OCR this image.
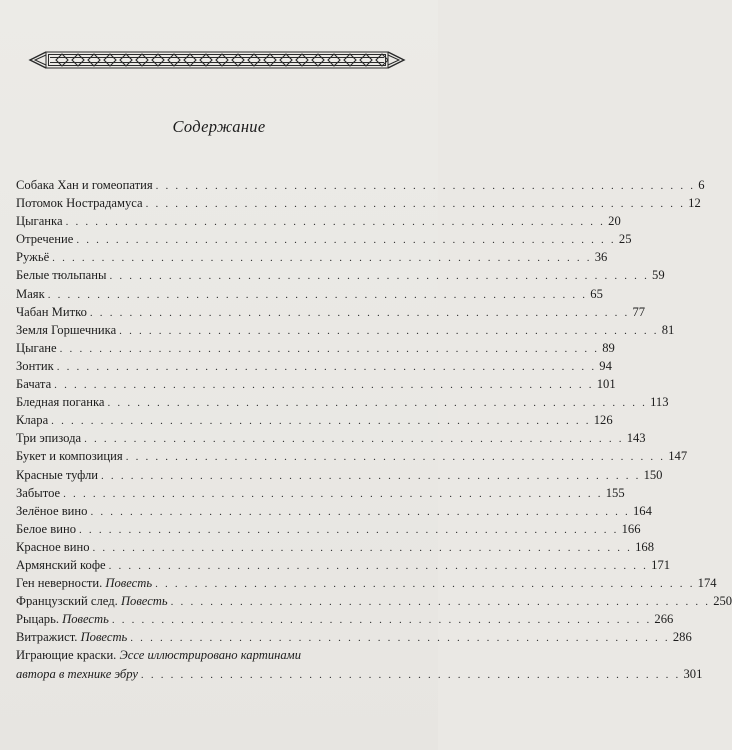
Содержание
Собака Хан и гомеопатия . . . . . . . . . . . . . . . . . . . . . . . . . . . . . . . . . . . . . . . . . . . . . . . . . . . . . . . 6
Потомок Нострадамуса . . . . . . . . . . . . . . . . . . . . . . . . . . . . . . . . . . . . . . . . . . . . . . . . . . . . . . . 12
Цыганка . . . . . . . . . . . . . . . . . . . . . . . . . . . . . . . . . . . . . . . . . . . . . . . . . . . . . . . 20
Отречение . . . . . . . . . . . . . . . . . . . . . . . . . . . . . . . . . . . . . . . . . . . . . . . . . . . . . . . 25
Ружьё . . . . . . . . . . . . . . . . . . . . . . . . . . . . . . . . . . . . . . . . . . . . . . . . . . . . . . . 36
Белые тюльпаны . . . . . . . . . . . . . . . . . . . . . . . . . . . . . . . . . . . . . . . . . . . . . . . . . . . . . . . 59
Маяк . . . . . . . . . . . . . . . . . . . . . . . . . . . . . . . . . . . . . . . . . . . . . . . . . . . . . . . 65
Чабан Митко . . . . . . . . . . . . . . . . . . . . . . . . . . . . . . . . . . . . . . . . . . . . . . . . . . . . . . . 77
Земля Горшечника . . . . . . . . . . . . . . . . . . . . . . . . . . . . . . . . . . . . . . . . . . . . . . . . . . . . . . . 81
Цыгане . . . . . . . . . . . . . . . . . . . . . . . . . . . . . . . . . . . . . . . . . . . . . . . . . . . . . . . 89
Зонтик . . . . . . . . . . . . . . . . . . . . . . . . . . . . . . . . . . . . . . . . . . . . . . . . . . . . . . . 94
Бачата . . . . . . . . . . . . . . . . . . . . . . . . . . . . . . . . . . . . . . . . . . . . . . . . . . . . . . . 101
Бледная поганка . . . . . . . . . . . . . . . . . . . . . . . . . . . . . . . . . . . . . . . . . . . . . . . . . . . . . . . 113
Клара . . . . . . . . . . . . . . . . . . . . . . . . . . . . . . . . . . . . . . . . . . . . . . . . . . . . . . . 126
Три эпизода . . . . . . . . . . . . . . . . . . . . . . . . . . . . . . . . . . . . . . . . . . . . . . . . . . . . . . . 143
Букет и композиция . . . . . . . . . . . . . . . . . . . . . . . . . . . . . . . . . . . . . . . . . . . . . . . . . . . . . . . 147
Красные туфли . . . . . . . . . . . . . . . . . . . . . . . . . . . . . . . . . . . . . . . . . . . . . . . . . . . . . . . 150
Забытое . . . . . . . . . . . . . . . . . . . . . . . . . . . . . . . . . . . . . . . . . . . . . . . . . . . . . . . 155
Зелёное вино . . . . . . . . . . . . . . . . . . . . . . . . . . . . . . . . . . . . . . . . . . . . . . . . . . . . . . . 164
Белое вино . . . . . . . . . . . . . . . . . . . . . . . . . . . . . . . . . . . . . . . . . . . . . . . . . . . . . . . 166
Красное вино . . . . . . . . . . . . . . . . . . . . . . . . . . . . . . . . . . . . . . . . . . . . . . . . . . . . . . . 168
Армянский кофе . . . . . . . . . . . . . . . . . . . . . . . . . . . . . . . . . . . . . . . . . . . . . . . . . . . . . . . 171
Ген неверности. Повесть . . . . . . . . . . . . . . . . . . . . . . . . . . . . . . . . . . . . . . . . . . . . . . . . . . . . . . . 174
Французский след. Повесть . . . . . . . . . . . . . . . . . . . . . . . . . . . . . . . . . . . . . . . . . . . . . . . . . . . . . . . 250
Рыцарь. Повесть . . . . . . . . . . . . . . . . . . . . . . . . . . . . . . . . . . . . . . . . . . . . . . . . . . . . . . . 266
Витражист. Повесть . . . . . . . . . . . . . . . . . . . . . . . . . . . . . . . . . . . . . . . . . . . . . . . . . . . . . . . 286
Играющие краски. Эссе иллюстрировано картинами
автора в технике эбру . . . . . . . . . . . . . . . . . . . . . . . . . . . . . . . . . . . . . . . . . . . . . . . . . . . . . . . 301
